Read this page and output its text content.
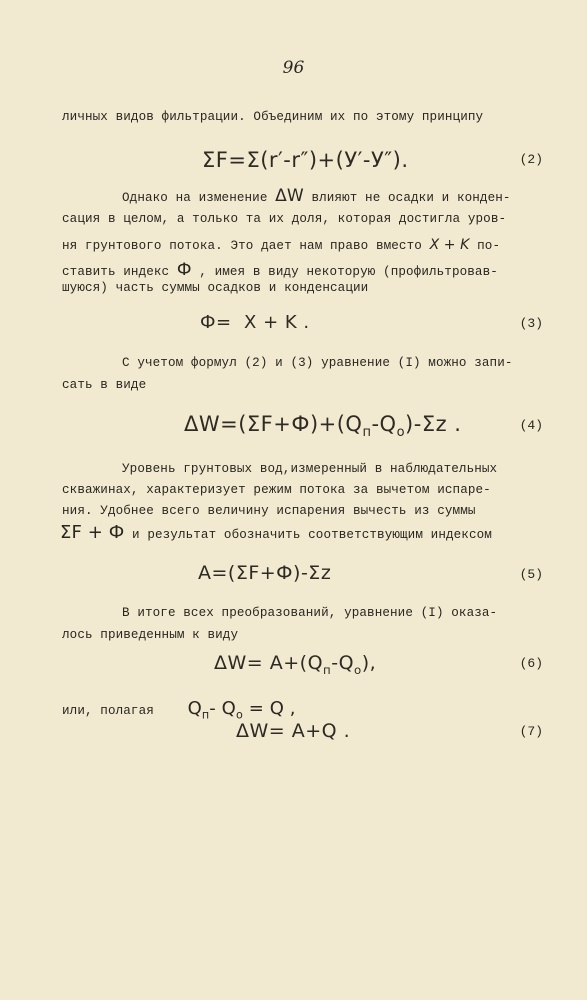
96
личных видов фильтрации. Объединим их по этому принципу
ΣF=Σ(r′-r″)+(У′-У″).	(2)
Однако на изменение ΔW влияют не осадки и конден-
сация в целом, а только та их доля, которая достигла уров-
ня грунтового потока. Это дает нам право вместо X + K по-
ставить индекс Ф , имея в виду некоторую (профильтровав-
шуюся) часть суммы осадков и конденсации
Ф=  X + K .	(3)
С учетом формул (2) и (3) уравнение (I) можно запи-
сать в виде
$\Delta W=(\Sigma F+Ф)+(Q_п-Q_о)-\Sigma z$ .	(4)
Уровень грунтовых вод,измеренный в наблюдательных
скважинах, характеризует режим потока за вычетом испаре-
ния. Удобнее всего величину испарения вычесть из суммы
ΣF + Ф и результат обозначить соответствующим индексом
A=(ΣF+Ф)-Σz	(5)
В итоге всех преобразований, уравнение (I) оказа-
лось приведенным к виду
$\Delta W= A+(Q_п-Q_о)$,	(6)
или, полагая $Q_п-$ $Q_о = Q$ ,
ΔW= A+Q .	(7)
